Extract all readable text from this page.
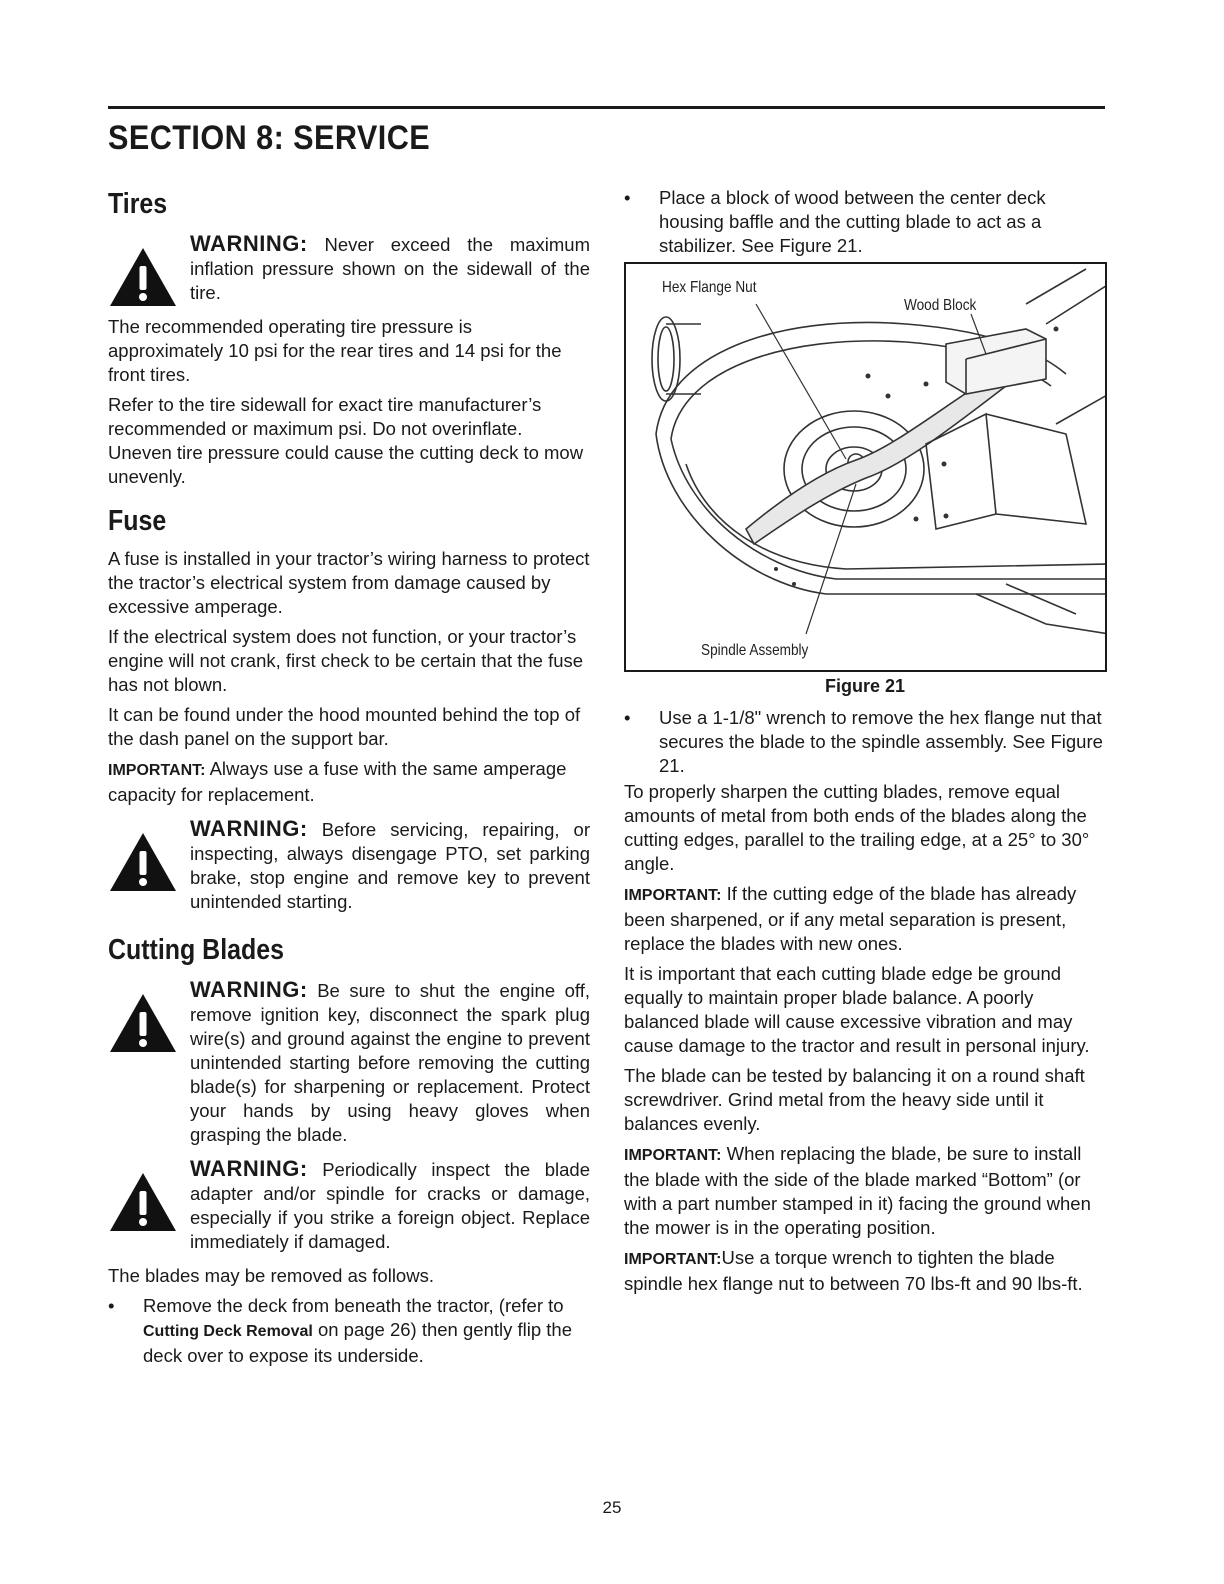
SECTION 8: SERVICE
Tires
WARNING: Never exceed the maximum inflation pressure shown on the sidewall of the tire.

The recommended operating tire pressure is approximately 10 psi for the rear tires and 14 psi for the front tires.

Refer to the tire sidewall for exact tire manufacturer’s recommended or maximum psi. Do not overinflate. Uneven tire pressure could cause the cutting deck to mow unevenly.

Fuse

A fuse is installed in your tractor’s wiring harness to protect the tractor’s electrical system from damage caused by excessive amperage.

If the electrical system does not function, or your tractor’s engine will not crank, first check to be certain that the fuse has not blown.

It can be found under the hood mounted behind the top of the dash panel on the support bar.

IMPORTANT: Always use a fuse with the same amperage capacity for replacement.

WARNING: Before servicing, repairing, or inspecting, always disengage PTO, set parking brake, stop engine and remove key to prevent unintended starting.
Cutting Blades
WARNING: Be sure to shut the engine off, remove ignition key, disconnect the spark plug wire(s) and ground against the engine to prevent unintended starting before removing the cutting blade(s) for sharpening or replacement. Protect your hands by using heavy gloves when grasping the blade.
WARNING: Periodically inspect the blade adapter and/or spindle for cracks or damage, especially if you strike a foreign object. Replace immediately if damaged.

The blades may be removed as follows.

• Remove the deck from beneath the tractor, (refer to Cutting Deck Removal on page 26) then gently flip the deck over to expose its underside.
• Place a block of wood between the center deck housing baffle and the cutting blade to act as a stabilizer. See Figure 21.
Hex Flange Nut
Wood Block
Spindle Assembly
Figure 21
• Use a 1-1/8" wrench to remove the hex flange nut that secures the blade to the spindle assembly. See Figure 21.

To properly sharpen the cutting blades, remove equal amounts of metal from both ends of the blades along the cutting edges, parallel to the trailing edge, at a 25° to 30° angle.

IMPORTANT: If the cutting edge of the blade has already been sharpened, or if any metal separation is present, replace the blades with new ones.

It is important that each cutting blade edge be ground equally to maintain proper blade balance. A poorly balanced blade will cause excessive vibration and may cause damage to the tractor and result in personal injury.

The blade can be tested by balancing it on a round shaft screwdriver. Grind metal from the heavy side until it balances evenly.

IMPORTANT: When replacing the blade, be sure to install the blade with the side of the blade marked “Bottom” (or with a part number stamped in it) facing the ground when the mower is in the operating position.

IMPORTANT:Use a torque wrench to tighten the blade spindle hex flange nut to between 70 lbs-ft and 90 lbs-ft.

25
